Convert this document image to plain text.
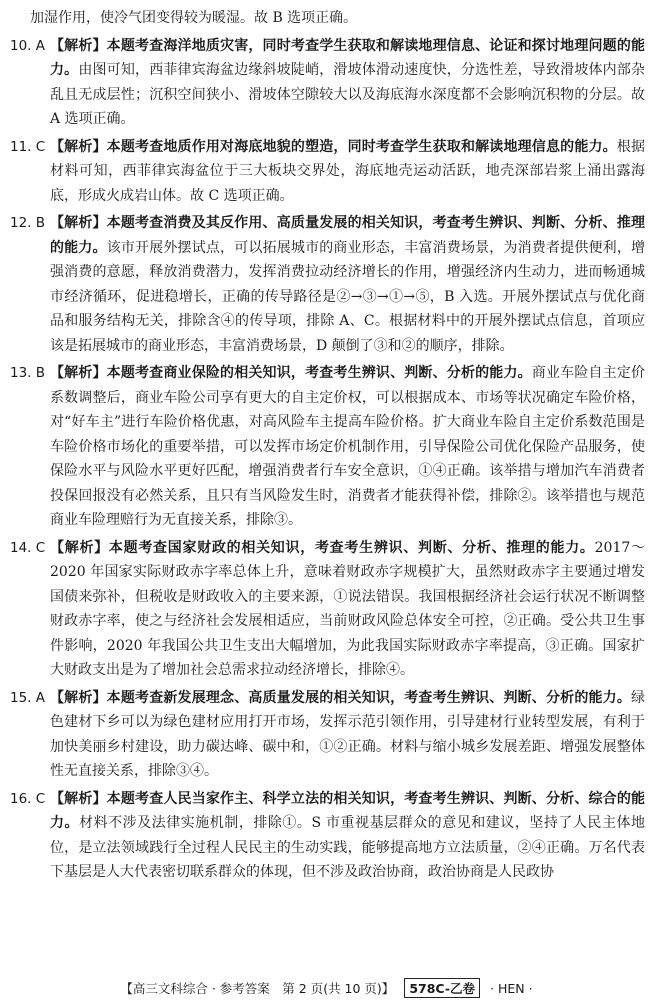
加湿作用，使冷气团变得较为暖湿。故 B 选项正确。

10. A 【解析】本题考查海洋地质灾害，同时考查学生获取和解读地理信息、论证和探讨地理问题的能力。由图可知，西菲律宾海盆边缘斜坡陡峭，滑坡体滑动速度快，分选性差，导致滑坡体内部杂乱且无成层性；沉积空间狭小、滑坡体空隙较大以及海底海水深度都不会影响沉积物的分层。故 A 选项正确。
11. C 【解析】本题考查地质作用对海底地貌的塑造，同时考查学生获取和解读地理信息的能力。根据材料可知，西菲律宾海盆位于三大板块交界处，海底地壳运动活跃，地壳深部岩浆上涌出露海底，形成火成岩山体。故 C 选项正确。
12. B 【解析】本题考查消费及其反作用、高质量发展的相关知识，考查考生辨识、判断、分析、推理的能力。该市开展外摆试点，可以拓展城市的商业形态，丰富消费场景，为消费者提供便利，增强消费的意愿，释放消费潜力，发挥消费拉动经济增长的作用，增强经济内生动力，进而畅通城市经济循环，促进稳增长，正确的传导路径是②→③→①→⑤，B 入选。开展外摆试点与优化商品和服务结构无关，排除含④的传导项，排除 A、C。根据材料中的开展外摆试点信息，首项应该是拓展城市的商业形态，丰富消费场景，D 颠倒了③和②的顺序，排除。
13. B 【解析】本题考查商业保险的相关知识，考查考生辨识、判断、分析的能力。商业车险自主定价系数调整后，商业车险公司享有更大的自主定价权，可以根据成本、市场等状况确定车险价格，对“好车主”进行车险价格优惠，对高风险车主提高车险价格。扩大商业车险自主定价系数范围是车险价格市场化的重要举措，可以发挥市场定价机制作用，引导保险公司优化保险产品服务，使保险水平与风险水平更好匹配，增强消费者行车安全意识，①④正确。该举措与增加汽车消费者投保回报没有必然关系，且只有当风险发生时，消费者才能获得补偿，排除②。该举措也与规范商业车险理赔行为无直接关系，排除③。
14. C 【解析】本题考查国家财政的相关知识，考查考生辨识、判断、分析、推理的能力。2017～2020 年国家实际财政赤字率总体上升，意味着财政赤字规模扩大，虽然财政赤字主要通过增发国债来弥补，但税收是财政收入的主要来源，①说法错误。我国根据经济社会运行状况不断调整财政赤字率，使之与经济社会发展相适应，当前财政风险总体安全可控，②正确。受公共卫生事件影响，2020 年我国公共卫生支出大幅增加，为此我国实际财政赤字率提高，③正确。国家扩大财政支出是为了增加社会总需求拉动经济增长，排除④。
15. A 【解析】本题考查新发展理念、高质量发展的相关知识，考查考生辨识、判断、分析的能力。绿色建材下乡可以为绿色建材应用打开市场，发挥示范引领作用，引导建材行业转型发展，有利于加快美丽乡村建设，助力碳达峰、碳中和，①②正确。材料与缩小城乡发展差距、增强发展整体性无直接关系，排除③④。
16. C 【解析】本题考查人民当家作主、科学立法的相关知识，考查考生辨识、判断、分析、综合的能力。材料不涉及法律实施机制，排除①。S 市重视基层群众的意见和建议，坚持了人民主体地位，是立法领域践行全过程人民民主的生动实践，能够提高地方立法质量，②④正确。万名代表下基层是人大代表密切联系群众的体现，但不涉及政治协商，政治协商是人民政协
【高三文科综合 · 参考答案　第 2 页(共 10 页)】	578C-乙卷	· HEN ·
